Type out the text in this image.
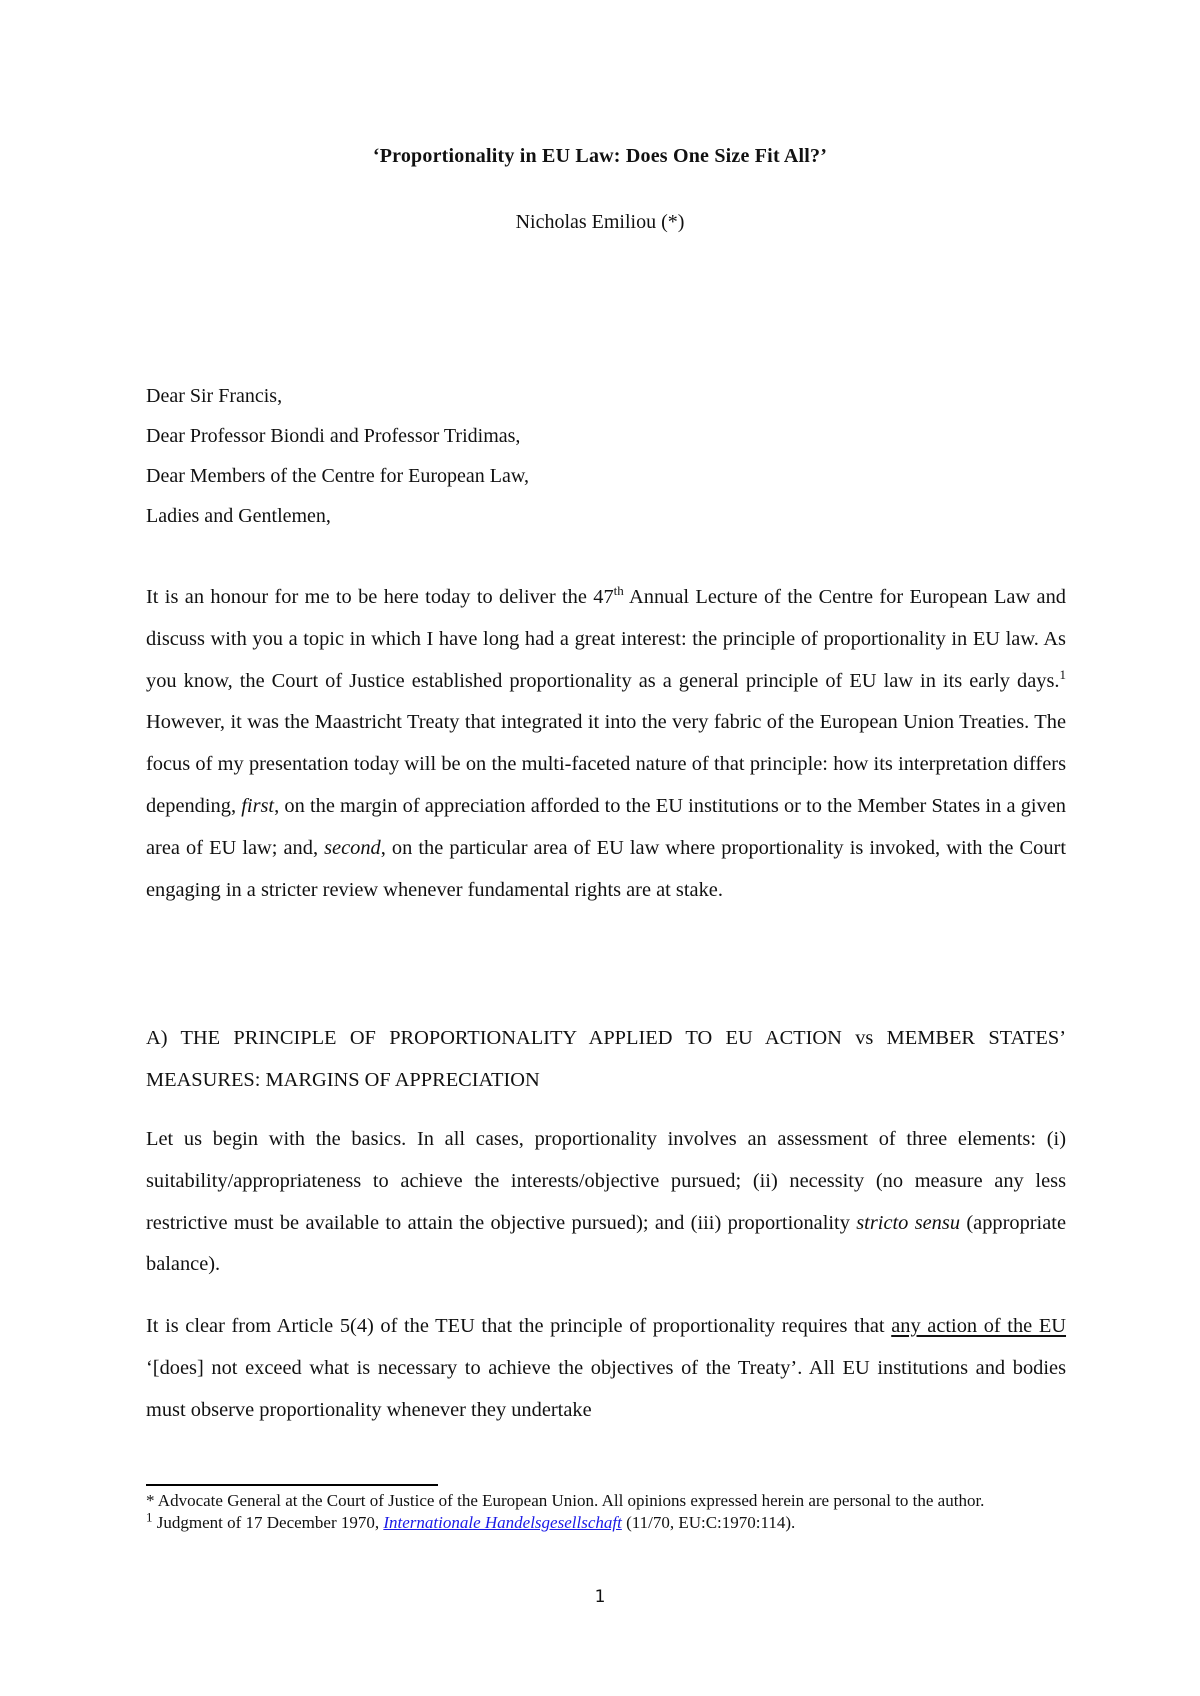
‘Proportionality in EU Law: Does One Size Fit All?’
Nicholas Emiliou (*)
Dear Sir Francis,
Dear Professor Biondi and Professor Tridimas,
Dear Members of the Centre for European Law,
Ladies and Gentlemen,

It is an honour for me to be here today to deliver the 47th Annual Lecture of the Centre for European Law and discuss with you a topic in which I have long had a great interest: the principle of proportionality in EU law. As you know, the Court of Justice established proportionality as a general principle of EU law in its early days.$^1$ However, it was the Maastricht Treaty that integrated it into the very fabric of the European Union Treaties. The focus of my presentation today will be on the multi-faceted nature of that principle: how its interpretation differs depending, first, on the margin of appreciation afforded to the EU institutions or to the Member States in a given area of EU law; and, second, on the particular area of EU law where proportionality is invoked, with the Court engaging in a stricter review whenever fundamental rights are at stake.

A) THE PRINCIPLE OF PROPORTIONALITY APPLIED TO EU ACTION vs MEMBER STATES’ MEASURES: MARGINS OF APPRECIATION

Let us begin with the basics. In all cases, proportionality involves an assessment of three elements: (i) suitability/appropriateness to achieve the interests/objective pursued; (ii) necessity (no measure any less restrictive must be available to attain the objective pursued); and (iii) proportionality stricto sensu (appropriate balance).

It is clear from Article 5(4) of the TEU that the principle of proportionality requires that any action of the EU ‘[does] not exceed what is necessary to achieve the objectives of the Treaty’. All EU institutions and bodies must observe proportionality whenever they undertake

* Advocate General at the Court of Justice of the European Union. All opinions expressed herein are personal to the author.

$^1$ Judgment of 17 December 1970, Internationale Handelsgesellschaft (11/70, EU:C:1970:114).

1
